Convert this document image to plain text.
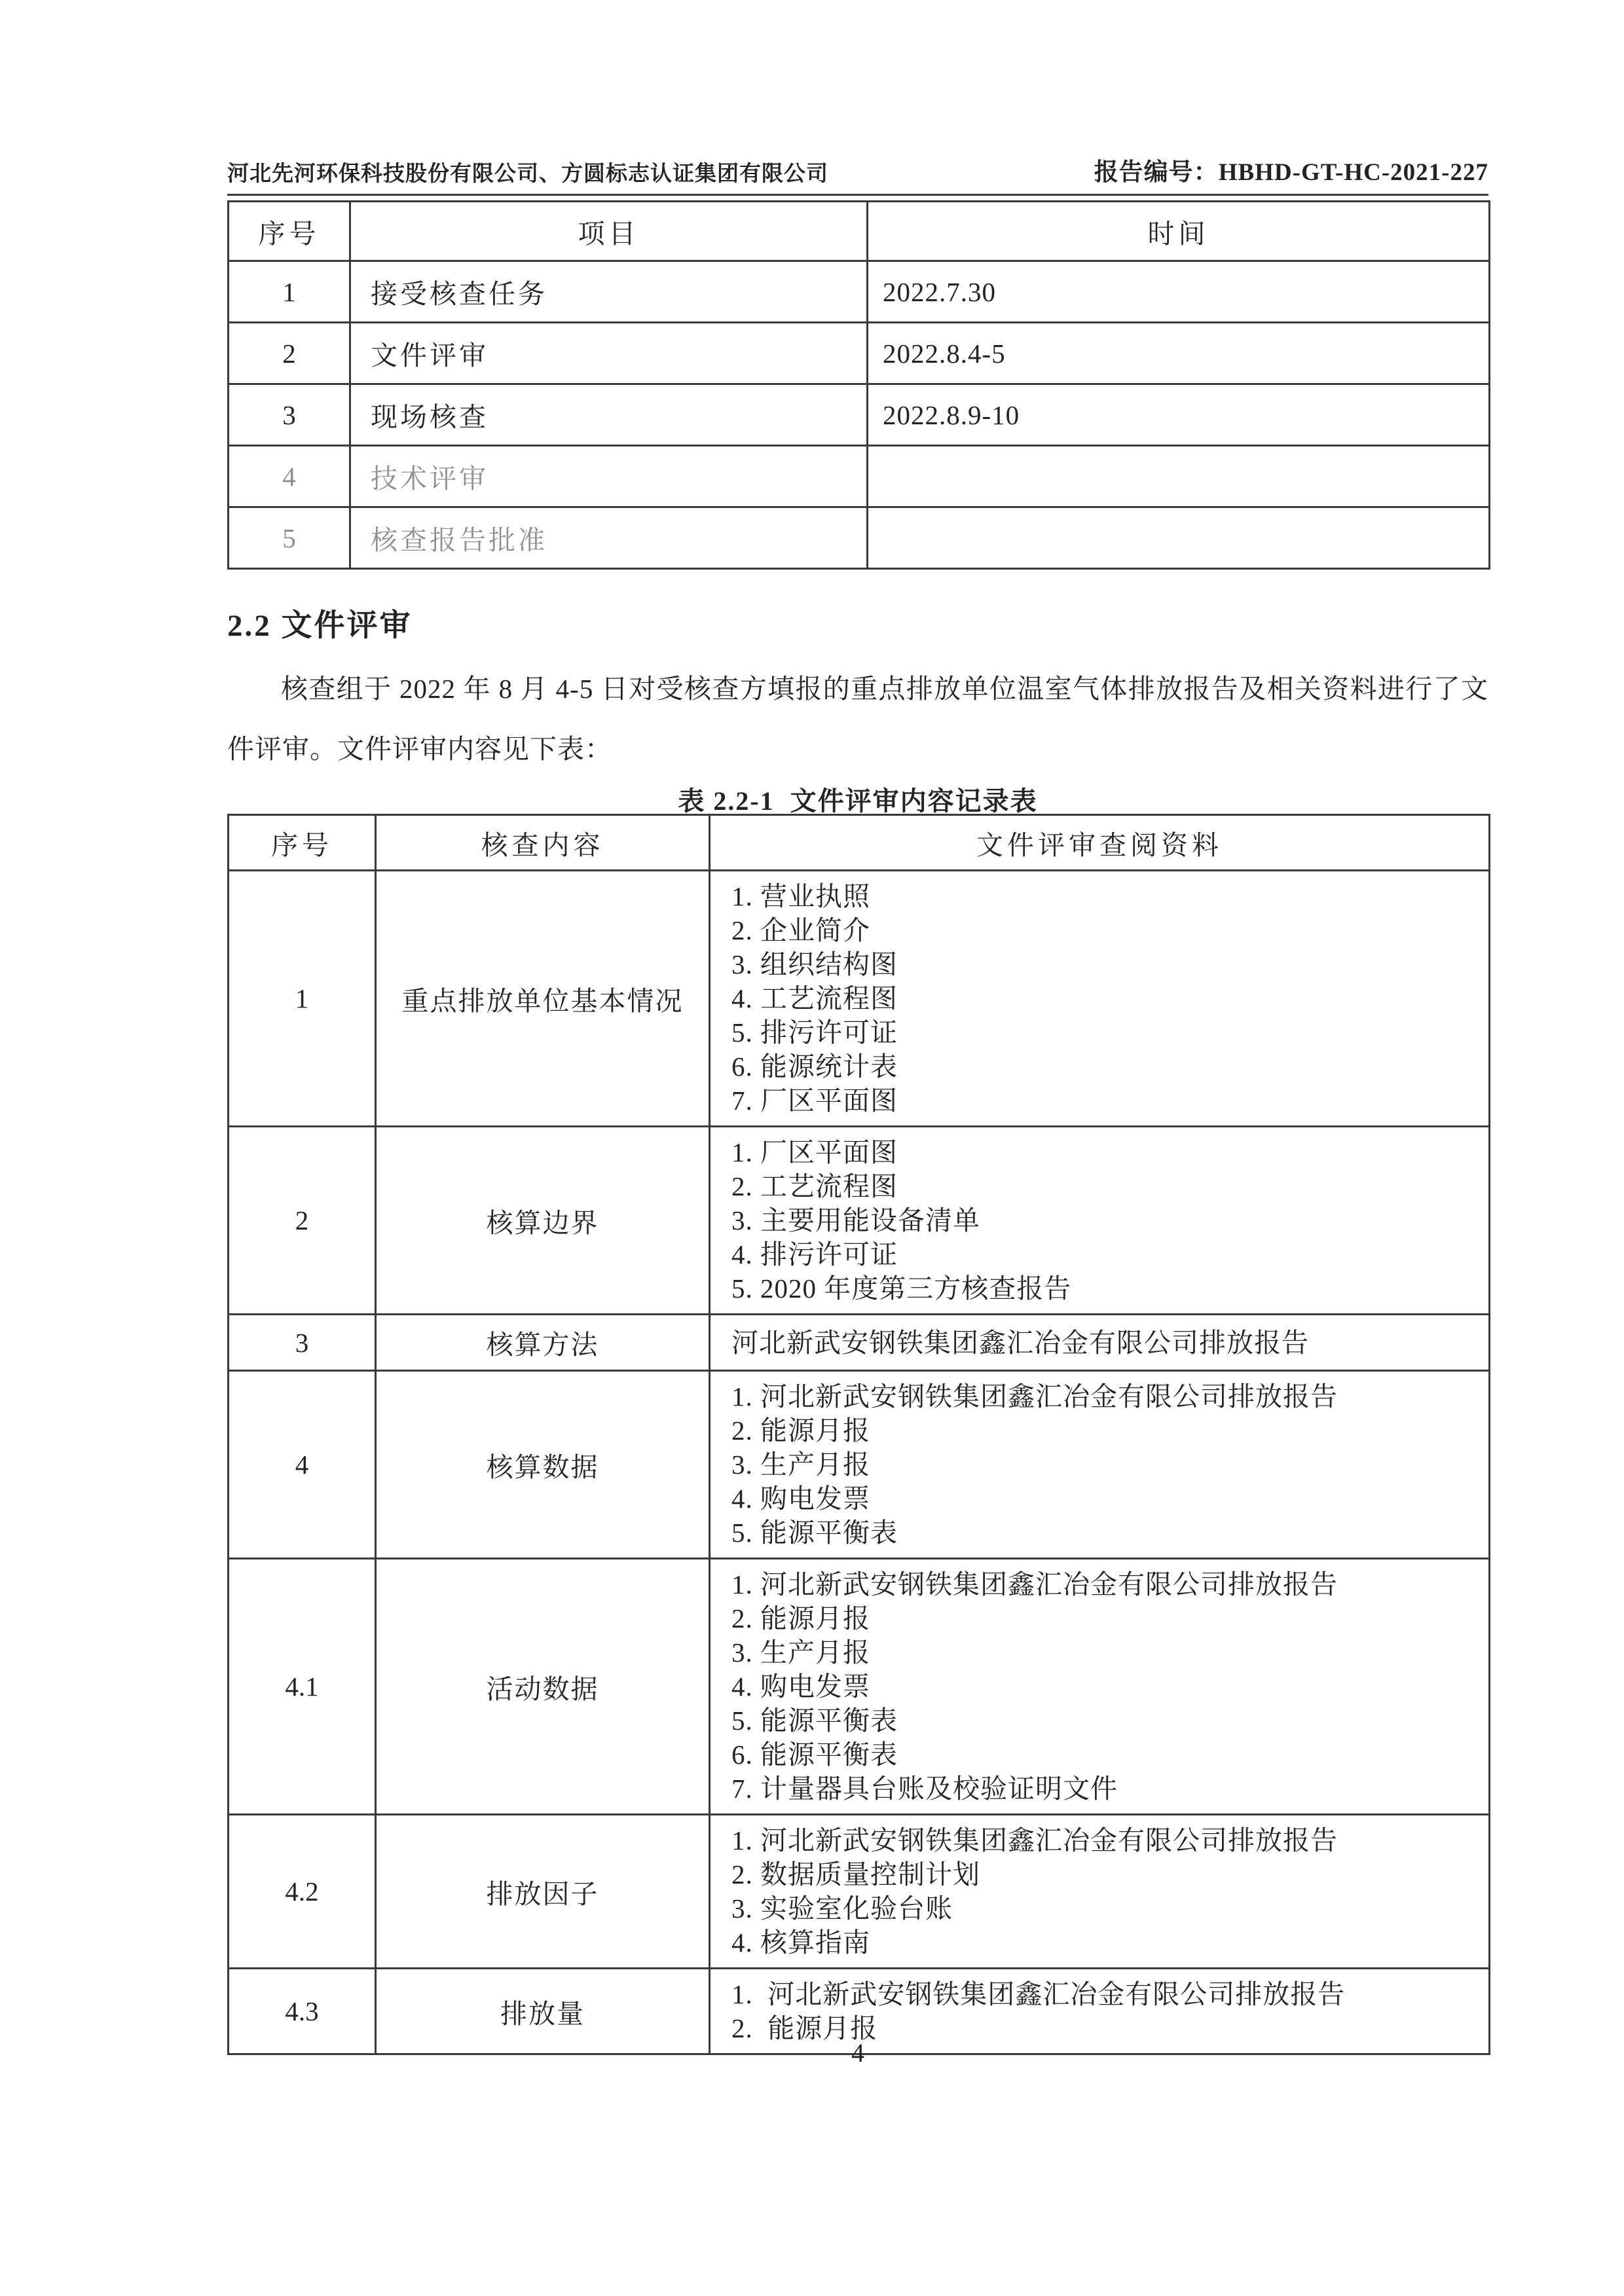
河北先河环保科技股份有限公司、方圆标志认证集团有限公司	报告编号：HBHD-GT-HC-2021-227
序号	项目	时间
1	接受核查任务	2022.7.30
2	文件评审	2022.8.4-5
3	现场核查	2022.8.9-10
4	技术评审	
5	核查报告批准	
2.2 文件评审

核查组于 2022 年 8 月 4-5 日对受核查方填报的重点排放单位温室气体排放报告及相关资料进行了文件评审。文件评审内容见下表：

表 2.2-1  文件评审内容记录表
序号	核查内容	文件评审查阅资料
1	重点排放单位基本情况	
1. 营业执照
2. 企业简介
3. 组织结构图
4. 工艺流程图
5. 排污许可证
6. 能源统计表
7. 厂区平面图

2	核算边界	1. 厂区平面图
2. 工艺流程图
3. 主要用能设备清单
4. 排污许可证
5. 2020 年度第三方核查报告

3	核算方法	河北新武安钢铁集团鑫汇冶金有限公司排放报告

4	核算数据	1. 河北新武安钢铁集团鑫汇冶金有限公司排放报告
2. 能源月报
3. 生产月报
4. 购电发票
5. 能源平衡表

4.1	活动数据	
1. 河北新武安钢铁集团鑫汇冶金有限公司排放报告
2. 能源月报
3. 生产月报
4. 购电发票
5. 能源平衡表
6. 能源平衡表
7. 计量器具台账及校验证明文件

4.2	排放因子	1. 河北新武安钢铁集团鑫汇冶金有限公司排放报告
2. 数据质量控制计划
3. 实验室化验台账
4. 核算指南

4.3	排放量	1.  河北新武安钢铁集团鑫汇冶金有限公司排放报告
2.  能源月报
4
